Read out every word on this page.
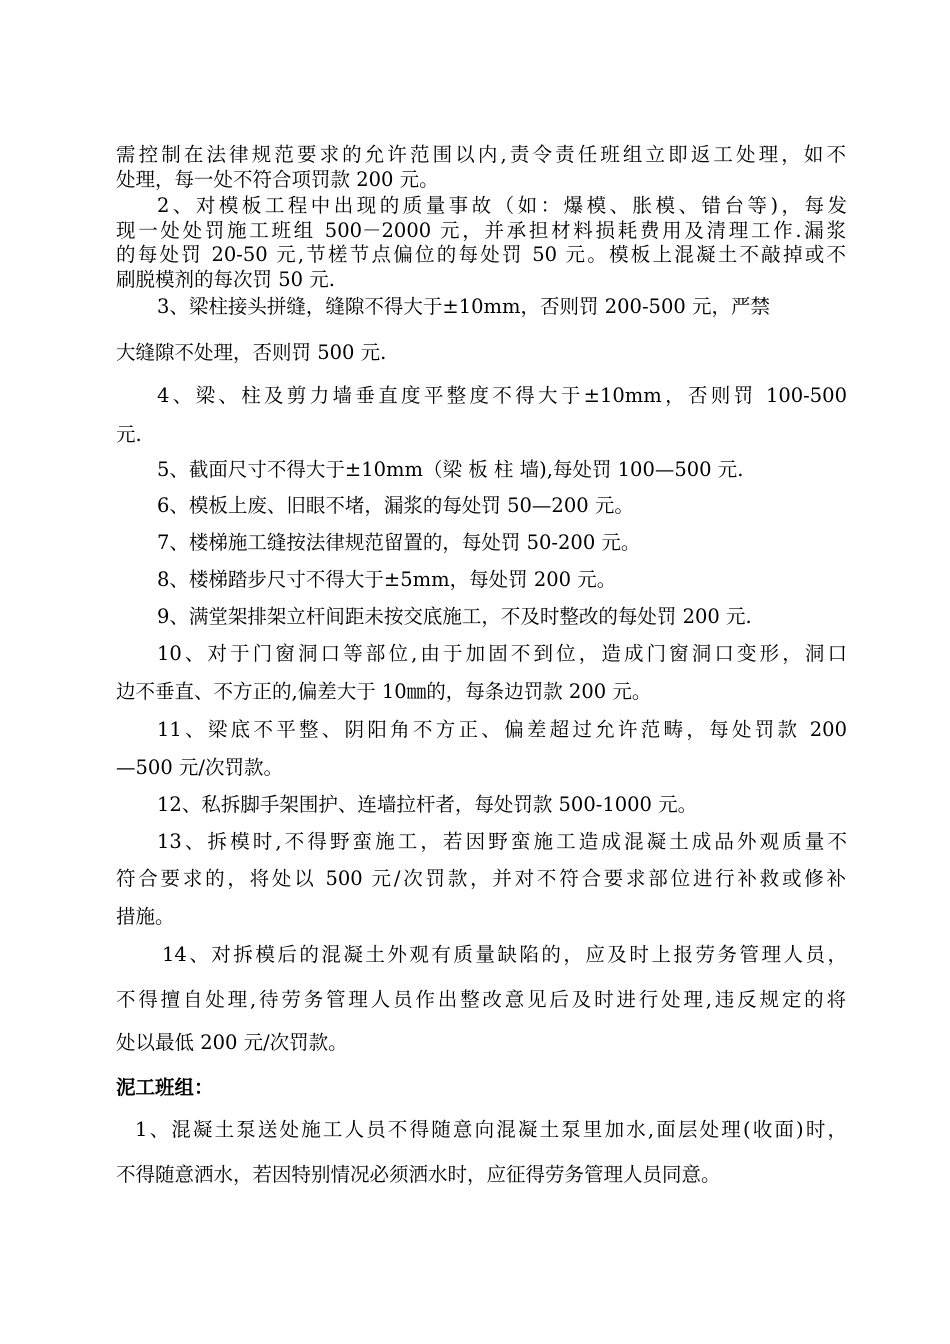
需控制在法律规范要求的允许范围以内,责令责任班组立即返工处理，如不
处理，每一处不符合项罚款 200 元。
2、对模板工程中出现的质量事故（如：爆模、胀模、错台等)，每发
现一处处罚施工班组 500－2000 元，并承担材料损耗费用及清理工作.漏浆
的每处罚 20-50 元,节槎节点偏位的每处罚 50 元。模板上混凝土不敲掉或不
刷脱模剂的每次罚 50 元.
3、梁柱接头拼缝，缝隙不得大于±10mm，否则罚 200-500 元，严禁
大缝隙不处理，否则罚 500 元.
4、梁、柱及剪力墙垂直度平整度不得大于±10mm，否则罚 100-500
元.
5、截面尺寸不得大于±10mm（梁 板 柱 墙),每处罚 100—500 元.
6、模板上废、旧眼不堵，漏浆的每处罚 50—200 元。
7、楼梯施工缝按法律规范留置的，每处罚 50-200 元。
8、楼梯踏步尺寸不得大于±5mm，每处罚 200 元。
9、满堂架排架立杆间距未按交底施工，不及时整改的每处罚 200 元.
10、对于门窗洞口等部位,由于加固不到位，造成门窗洞口变形，洞口
边不垂直、不方正的,偏差大于 10㎜的，每条边罚款 200 元。
11、梁底不平整、阴阳角不方正、偏差超过允许范畴，每处罚款 200
—500 元/次罚款。
12、私拆脚手架围护、连墙拉杆者，每处罚款 500-1000 元。
13、拆模时,不得野蛮施工，若因野蛮施工造成混凝土成品外观质量不
符合要求的，将处以 500 元/次罚款，并对不符合要求部位进行补救或修补
措施。
14、对拆模后的混凝土外观有质量缺陷的，应及时上报劳务管理人员，
不得擅自处理,待劳务管理人员作出整改意见后及时进行处理,违反规定的将
处以最低 200 元/次罚款。
泥工班组：
1、混凝土泵送处施工人员不得随意向混凝土泵里加水,面层处理(收面)时，
不得随意洒水，若因特别情况必须洒水时，应征得劳务管理人员同意。
